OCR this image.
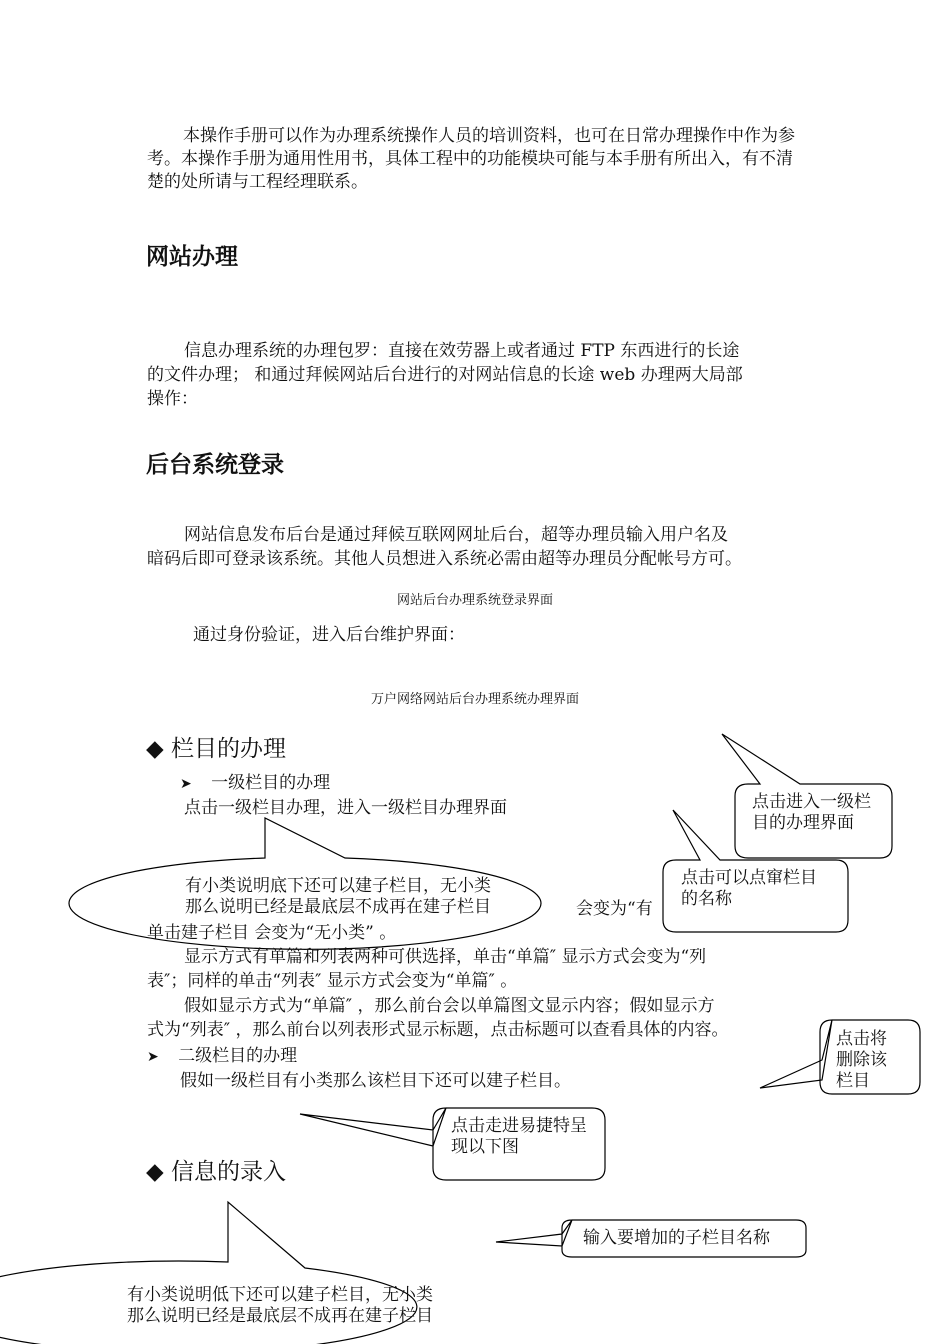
本操作手册可以作为办理系统操作人员的培训资料，也可在日常办理操作中作为参考。本操作手册为通用性用书，具体工程中的功能模块可能与本手册有所出入，有不清楚的处所请与工程经理联系。
网站办理
信息办理系统的办理包罗：直接在效劳器上或者通过 FTP 东西进行的长途
的文件办理； 和通过拜候网站后台进行的对网站信息的长途 web 办理两大局部
操作：
后台系统登录
网站信息发布后台是通过拜候互联网网址后台，超等办理员输入用户名及
暗码后即可登录该系统。其他人员想进入系统必需由超等办理员分配帐号方可。
网站后台办理系统登录界面
通过身份验证，进入后台维护界面：
万户网络网站后台办理系统办理界面
◆ 栏目的办理
➤ 一级栏目的办理
点击一级栏目办理，进入一级栏目办理界面
会变为“有
单击建子栏目 会变为“无小类” 。
显示方式有单篇和列表两种可供选择，单击“单篇″ 显示方式会变为“列
表″；同样的单击“列表″ 显示方式会变为“单篇″ 。
假如显示方式为“单篇″ ，那么前台会以单篇图文显示内容；假如显示方
式为“列表″ ，那么前台以列表形式显示标题，点击标题可以查看具体的内容。
➤ 二级栏目的办理
假如一级栏目有小类那么该栏目下还可以建子栏目。
◆ 信息的录入
点击进入一级栏目的办理界面
点击可以点窜栏目的名称
有小类说明底下还可以建子栏目，无小类那么说明已经是最底层不成再在建子栏目
点击将删除该栏目
点击走进易捷特呈现以下图
输入要增加的子栏目名称
有小类说明低下还可以建子栏目，无小类那么说明已经是最底层不成再在建子栏目
